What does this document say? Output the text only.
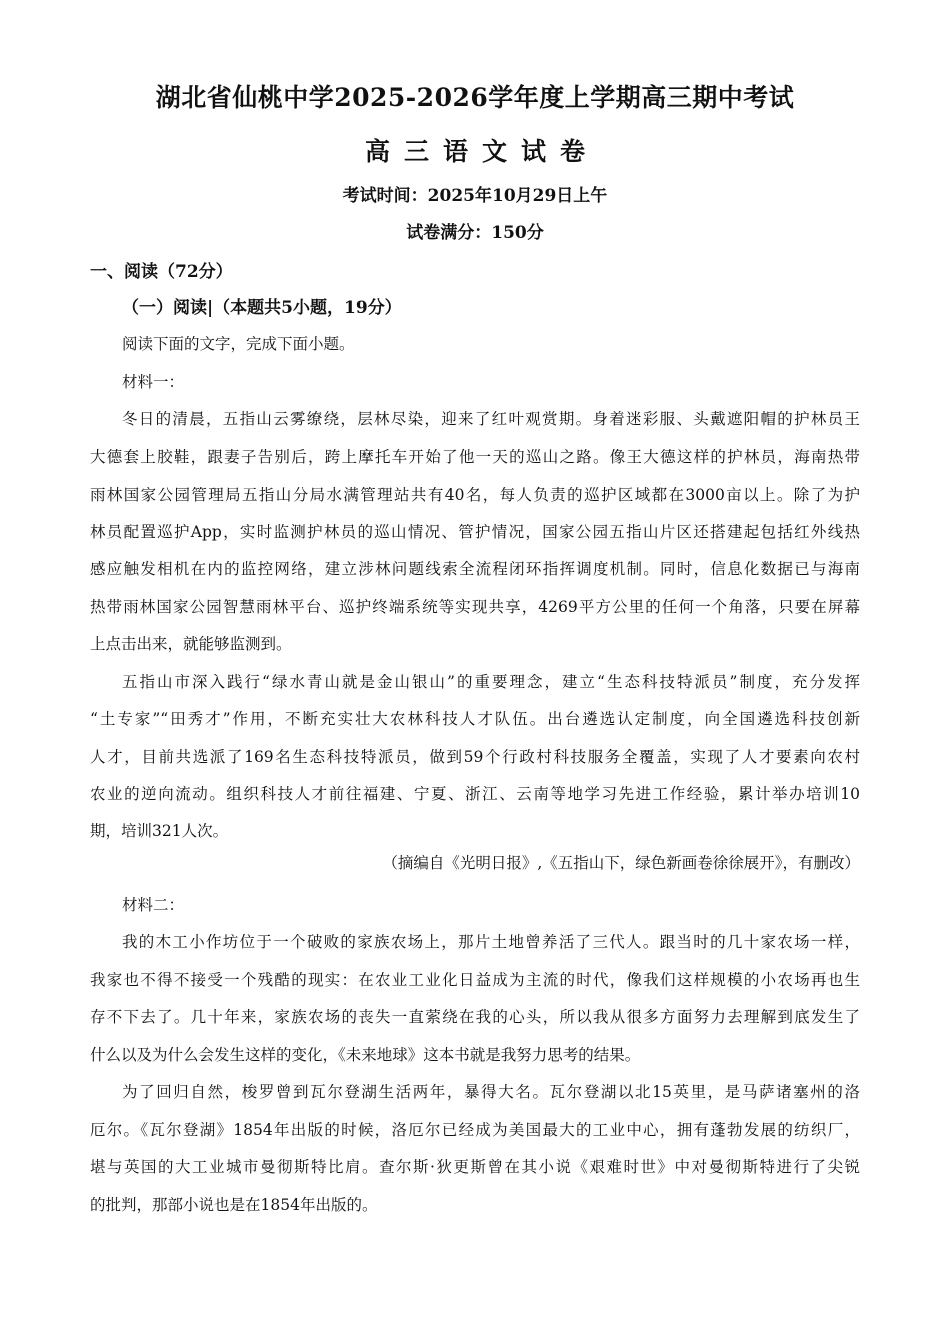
湖北省仙桃中学2025-2026学年度上学期高三期中考试
高三语文试卷
考试时间：2025年10月29日上午
试卷满分：150分
一、阅读（72分）
（一）阅读|（本题共5小题，19分）
阅读下面的文字，完成下面小题。
材料一：
冬日的清晨，五指山云雾缭绕，层林尽染，迎来了红叶观赏期。身着迷彩服、头戴遮阳帽的护林员王
大德套上胶鞋，跟妻子告别后，跨上摩托车开始了他一天的巡山之路。像王大德这样的护林员，海南热带
雨林国家公园管理局五指山分局水满管理站共有40名，每人负责的巡护区域都在3000亩以上。除了为护
林员配置巡护App，实时监测护林员的巡山情况、管护情况，国家公园五指山片区还搭建起包括红外线热
感应触发相机在内的监控网络，建立涉林问题线索全流程闭环指挥调度机制。同时，信息化数据已与海南
热带雨林国家公园智慧雨林平台、巡护终端系统等实现共享，4269平方公里的任何一个角落，只要在屏幕
上点击出来，就能够监测到。
五指山市深入践行“绿水青山就是金山银山”的重要理念，建立“生态科技特派员”制度，充分发挥
“土专家”“田秀才”作用，不断充实壮大农林科技人才队伍。出台遴选认定制度，向全国遴选科技创新
人才，目前共选派了169名生态科技特派员，做到59个行政村科技服务全覆盖，实现了人才要素向农村
农业的逆向流动。组织科技人才前往福建、宁夏、浙江、云南等地学习先进工作经验，累计举办培训10
期，培训321人次。
（摘编自《光明日报》,《五指山下，绿色新画卷徐徐展开》，有删改）
材料二：
我的木工小作坊位于一个破败的家族农场上，那片土地曾养活了三代人。跟当时的几十家农场一样，
我家也不得不接受一个残酷的现实：在农业工业化日益成为主流的时代，像我们这样规模的小农场再也生
存不下去了。几十年来，家族农场的丧失一直萦绕在我的心头，所以我从很多方面努力去理解到底发生了
什么以及为什么会发生这样的变化，《未来地球》这本书就是我努力思考的结果。
为了回归自然，梭罗曾到瓦尔登湖生活两年，暴得大名。瓦尔登湖以北15英里，是马萨诸塞州的洛
厄尔。《瓦尔登湖》1854年出版的时候，洛厄尔已经成为美国最大的工业中心，拥有蓬勃发展的纺织厂，
堪与英国的大工业城市曼彻斯特比肩。查尔斯·狄更斯曾在其小说《艰难时世》中对曼彻斯特进行了尖锐
的批判，那部小说也是在1854年出版的。
